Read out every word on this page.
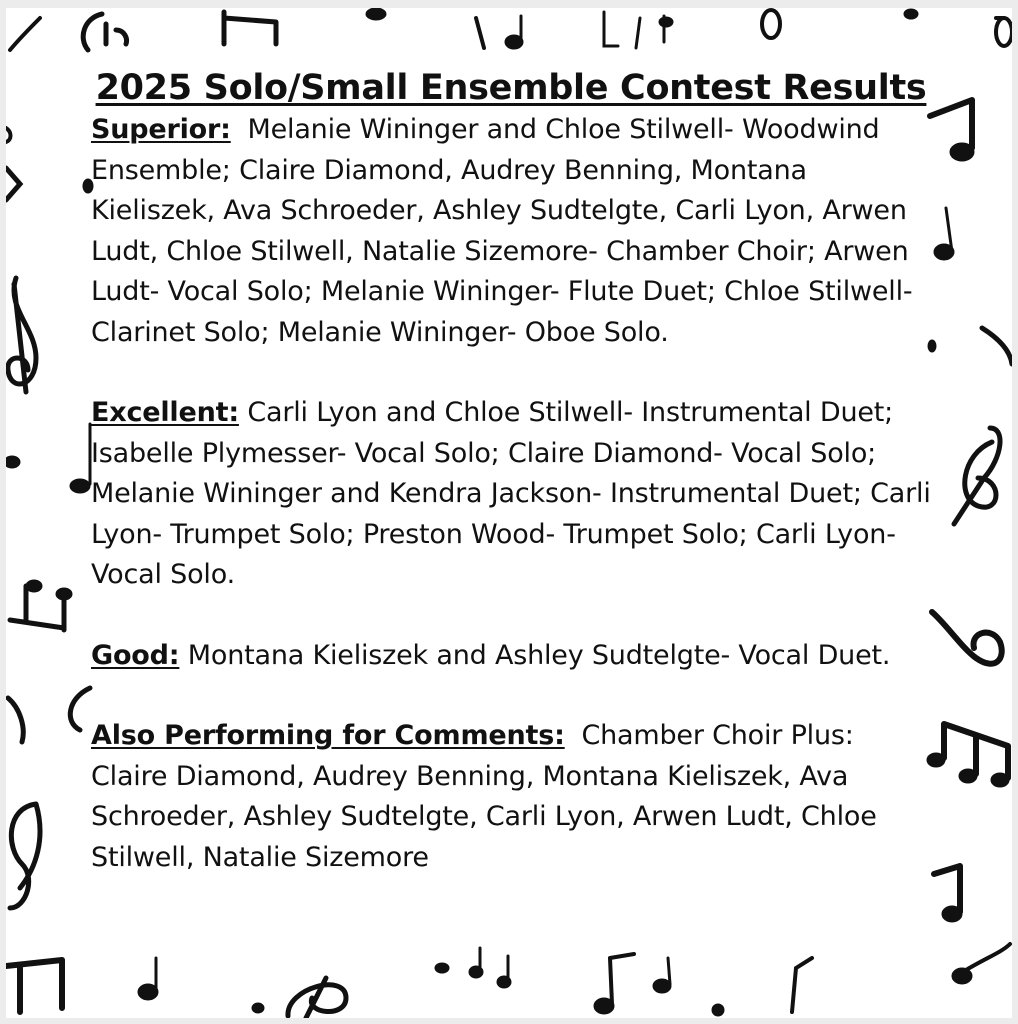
2025 Solo/Small Ensemble Contest Results

Superior: Melanie Wininger and Chloe Stilwell- Woodwind Ensemble; Claire Diamond, Audrey Benning, Montana Kieliszek, Ava Schroeder, Ashley Sudtelgte, Carli Lyon, Arwen Ludt, Chloe Stilwell, Natalie Sizemore- Chamber Choir; Arwen Ludt- Vocal Solo; Melanie Wininger- Flute Duet; Chloe Stilwell- Clarinet Solo; Melanie Wininger- Oboe Solo.

Excellent: Carli Lyon and Chloe Stilwell- Instrumental Duet; Isabelle Plymesser- Vocal Solo; Claire Diamond- Vocal Solo; Melanie Wininger and Kendra Jackson- Instrumental Duet; Carli Lyon- Trumpet Solo; Preston Wood- Trumpet Solo; Carli Lyon- Vocal Solo.

Good: Montana Kieliszek and Ashley Sudtelgte- Vocal Duet.

Also Performing for Comments: Chamber Choir Plus: Claire Diamond, Audrey Benning, Montana Kieliszek, Ava Schroeder, Ashley Sudtelgte, Carli Lyon, Arwen Ludt, Chloe Stilwell, Natalie Sizemore
